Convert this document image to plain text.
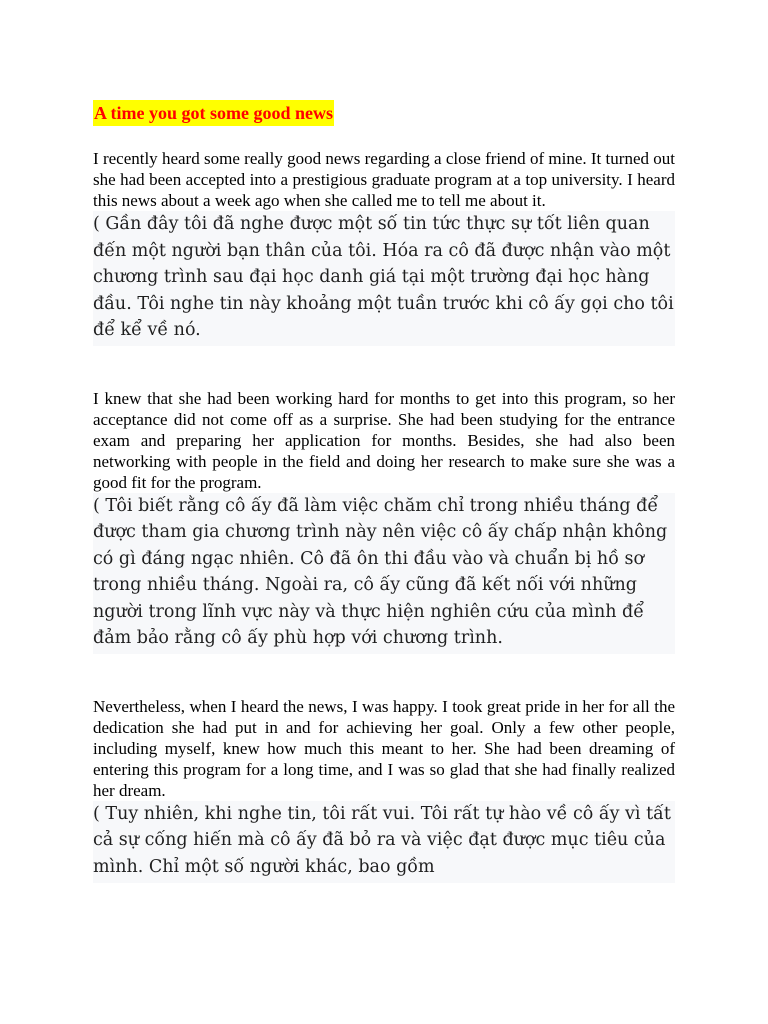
A time you got some good news

I recently heard some really good news regarding a close friend of mine. It turned out she had been accepted into a prestigious graduate program at a top university. I heard this news about a week ago when she called me to tell me about it.

( Gần đây tôi đã nghe được một số tin tức thực sự tốt liên quan đến một người bạn thân của tôi. Hóa ra cô đã được nhận vào một chương trình sau đại học danh giá tại một trường đại học hàng đầu. Tôi nghe tin này khoảng một tuần trước khi cô ấy gọi cho tôi để kể về nó.

I knew that she had been working hard for months to get into this program, so her acceptance did not come off as a surprise. She had been studying for the entrance exam and preparing her application for months. Besides, she had also been networking with people in the field and doing her research to make sure she was a good fit for the program.

( Tôi biết rằng cô ấy đã làm việc chăm chỉ trong nhiều tháng để được tham gia chương trình này nên việc cô ấy chấp nhận không có gì đáng ngạc nhiên. Cô đã ôn thi đầu vào và chuẩn bị hồ sơ trong nhiều tháng. Ngoài ra, cô ấy cũng đã kết nối với những người trong lĩnh vực này và thực hiện nghiên cứu của mình để đảm bảo rằng cô ấy phù hợp với chương trình.

Nevertheless, when I heard the news, I was happy. I took great pride in her for all the dedication she had put in and for achieving her goal. Only a few other people, including myself, knew how much this meant to her. She had been dreaming of entering this program for a long time, and I was so glad that she had finally realized her dream.

( Tuy nhiên, khi nghe tin, tôi rất vui. Tôi rất tự hào về cô ấy vì tất cả sự cống hiến mà cô ấy đã bỏ ra và việc đạt được mục tiêu của mình. Chỉ một số người khác, bao gồm
